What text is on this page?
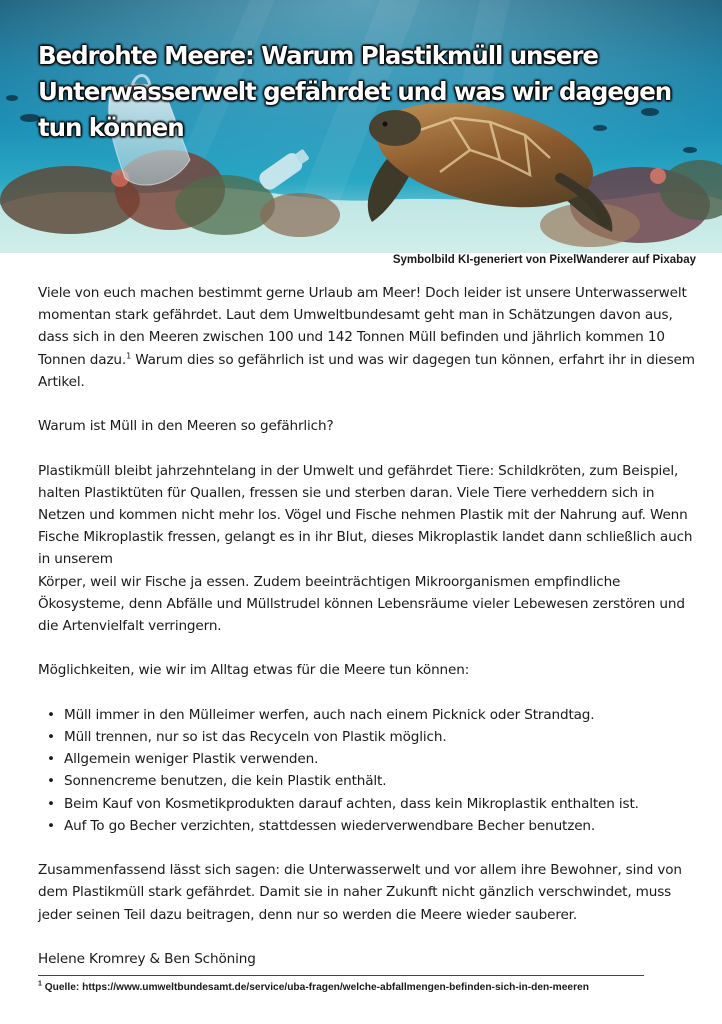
Bedrohte Meere: Warum Plastikmüll unsere Unterwasserwelt gefährdet und was wir dagegen tun können

Symbolbild KI-generiert von PixelWanderer auf Pixabay

Viele von euch machen bestimmt gerne Urlaub am Meer! Doch leider ist unsere Unterwasserwelt momentan stark gefährdet. Laut dem Umweltbundesamt geht man in Schätzungen davon aus, dass sich in den Meeren zwischen 100 und 142 Tonnen Müll befinden und jährlich kommen 10 Tonnen dazu.$^1$ Warum dies so gefährlich ist und was wir dagegen tun können, erfahrt ihr in diesem Artikel.

Warum ist Müll in den Meeren so gefährlich?

Plastikmüll bleibt jahrzehntelang in der Umwelt und gefährdet Tiere: Schildkröten, zum Beispiel, halten Plastiktüten für Quallen, fressen sie und sterben daran. Viele Tiere verheddern sich in Netzen und kommen nicht mehr los. Vögel und Fische nehmen Plastik mit der Nahrung auf. Wenn Fische Mikroplastik fressen, gelangt es in ihr Blut, dieses Mikroplastik landet dann schließlich auch in unserem

Körper, weil wir Fische ja essen. Zudem beeinträchtigen Mikroorganismen empfindliche Ökosysteme, denn Abfälle und Müllstrudel können Lebensräume vieler Lebewesen zerstören und die Artenvielfalt verringern.

Möglichkeiten, wie wir im Alltag etwas für die Meere tun können:

• Müll immer in den Mülleimer werfen, auch nach einem Picknick oder Strandtag.
• Müll trennen, nur so ist das Recyceln von Plastik möglich.
• Allgemein weniger Plastik verwenden.
• Sonnencreme benutzen, die kein Plastik enthält.
• Beim Kauf von Kosmetikprodukten darauf achten, dass kein Mikroplastik enthalten ist.
• Auf To go Becher verzichten, stattdessen wiederverwendbare Becher benutzen.

Zusammenfassend lässt sich sagen: die Unterwasserwelt und vor allem ihre Bewohner, sind von dem Plastikmüll stark gefährdet. Damit sie in naher Zukunft nicht gänzlich verschwindet, muss jeder seinen Teil dazu beitragen, denn nur so werden die Meere wieder sauberer.

Helene Kromrey & Ben Schöning

$^1$ Quelle: https://www.umweltbundesamt.de/service/uba-fragen/welche-abfallmengen-befinden-sich-in-den-meeren
